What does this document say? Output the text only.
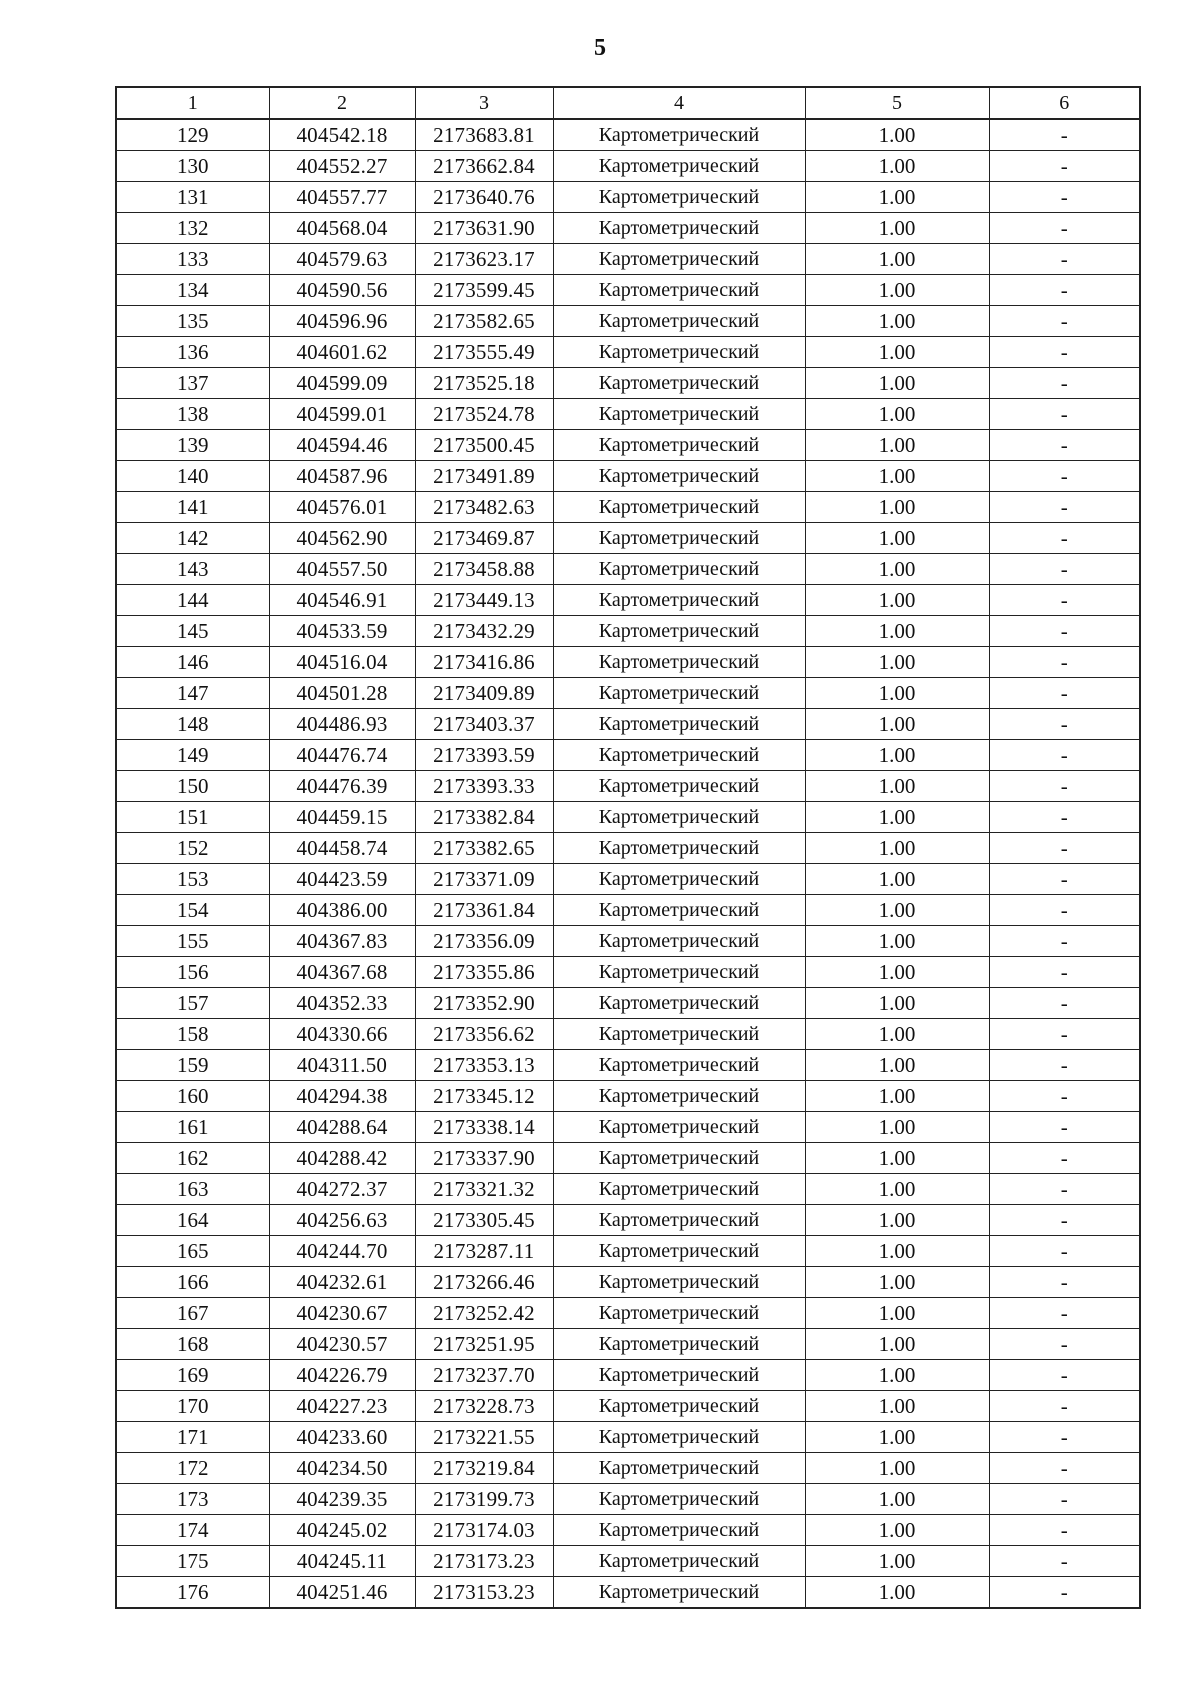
5
1	2	3	4	5	6
129	404542.18	2173683.81	Картометрический	1.00	-
130	404552.27	2173662.84	Картометрический	1.00	-
131	404557.77	2173640.76	Картометрический	1.00	-
132	404568.04	2173631.90	Картометрический	1.00	-
133	404579.63	2173623.17	Картометрический	1.00	-
134	404590.56	2173599.45	Картометрический	1.00	-
135	404596.96	2173582.65	Картометрический	1.00	-
136	404601.62	2173555.49	Картометрический	1.00	-
137	404599.09	2173525.18	Картометрический	1.00	-
138	404599.01	2173524.78	Картометрический	1.00	-
139	404594.46	2173500.45	Картометрический	1.00	-
140	404587.96	2173491.89	Картометрический	1.00	-
141	404576.01	2173482.63	Картометрический	1.00	-
142	404562.90	2173469.87	Картометрический	1.00	-
143	404557.50	2173458.88	Картометрический	1.00	-
144	404546.91	2173449.13	Картометрический	1.00	-
145	404533.59	2173432.29	Картометрический	1.00	-
146	404516.04	2173416.86	Картометрический	1.00	-
147	404501.28	2173409.89	Картометрический	1.00	-
148	404486.93	2173403.37	Картометрический	1.00	-
149	404476.74	2173393.59	Картометрический	1.00	-
150	404476.39	2173393.33	Картометрический	1.00	-
151	404459.15	2173382.84	Картометрический	1.00	-
152	404458.74	2173382.65	Картометрический	1.00	-
153	404423.59	2173371.09	Картометрический	1.00	-
154	404386.00	2173361.84	Картометрический	1.00	-
155	404367.83	2173356.09	Картометрический	1.00	-
156	404367.68	2173355.86	Картометрический	1.00	-
157	404352.33	2173352.90	Картометрический	1.00	-
158	404330.66	2173356.62	Картометрический	1.00	-
159	404311.50	2173353.13	Картометрический	1.00	-
160	404294.38	2173345.12	Картометрический	1.00	-
161	404288.64	2173338.14	Картометрический	1.00	-
162	404288.42	2173337.90	Картометрический	1.00	-
163	404272.37	2173321.32	Картометрический	1.00	-
164	404256.63	2173305.45	Картометрический	1.00	-
165	404244.70	2173287.11	Картометрический	1.00	-
166	404232.61	2173266.46	Картометрический	1.00	-
167	404230.67	2173252.42	Картометрический	1.00	-
168	404230.57	2173251.95	Картометрический	1.00	-
169	404226.79	2173237.70	Картометрический	1.00	-
170	404227.23	2173228.73	Картометрический	1.00	-
171	404233.60	2173221.55	Картометрический	1.00	-
172	404234.50	2173219.84	Картометрический	1.00	-
173	404239.35	2173199.73	Картометрический	1.00	-
174	404245.02	2173174.03	Картометрический	1.00	-
175	404245.11	2173173.23	Картометрический	1.00	-
176	404251.46	2173153.23	Картометрический	1.00	-
